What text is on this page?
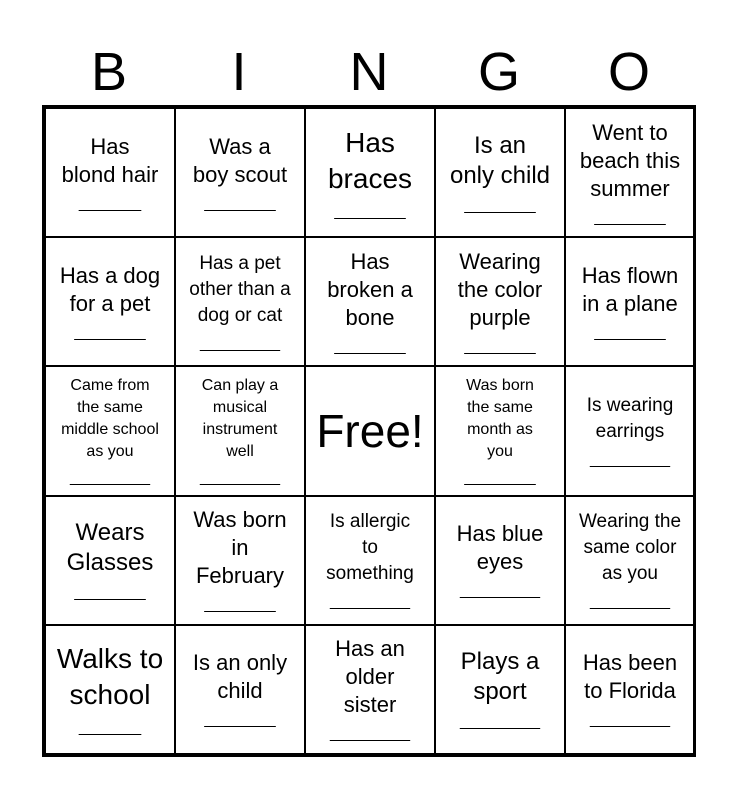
B	I	N	G	O
Has
blond hair
_______
Was a
boy scout
________
Has
braces
________
Is an
only child
________
Went to
beach this
summer
________
Has a dog
for a pet
________
Has a pet
other than a
dog or cat
_________
Has
broken a
bone
________
Wearing
the color
purple
________
Has flown
in a plane
________
Came from
the same
middle school
as you
_________
Can play a
musical
instrument
well
_________
Free!
Was born
the same
month as
you
________
Is wearing
earrings
_________
Wears
Glasses
________
Was born
in
February
________
Is allergic
to
something
_________
Has blue
eyes
_________
Wearing the
same color
as you
_________
Walks to
school
_______
Is an only
child
________
Has an
older
sister
_________
Plays a
sport
_________
Has been
to Florida
_________
